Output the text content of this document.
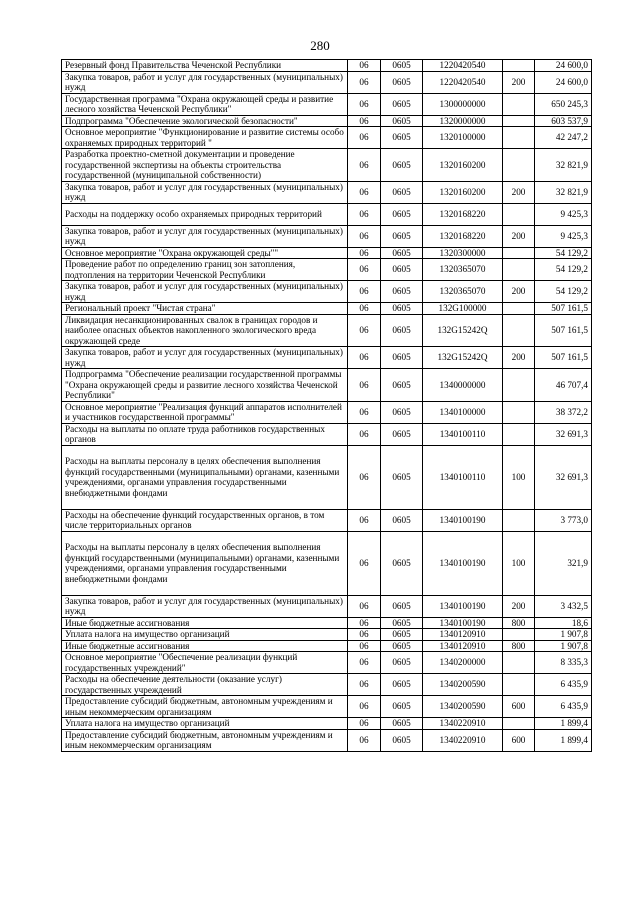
280
Резервный фонд Правительства Чеченской Республики	06	0605	1220420540		24 600,0
Закупка товаров, работ и услуг для государственных (муниципальных) нужд	06	0605	1220420540	200	24 600,0
Государственная программа "Охрана окружающей среды и развитие лесного хозяйства Чеченской Республики"	06	0605	1300000000		650 245,3
Подпрограмма "Обеспечение экологической безопасности"	06	0605	1320000000		603 537,9
Основное мероприятие "Функционирование и развитие системы особо охраняемых природных территорий "	06	0605	1320100000		42 247,2
Разработка проектно-сметной документации и проведение государственной экспертизы на объекты строительства государственной (муниципальной собственности)	06	0605	1320160200		32 821,9
Закупка товаров, работ и услуг для государственных (муниципальных) нужд	06	0605	1320160200	200	32 821,9
Расходы на поддержку особо охраняемых природных территорий	06	0605	1320168220		9 425,3
Закупка товаров, работ и услуг для государственных (муниципальных) нужд	06	0605	1320168220	200	9 425,3
Основное мероприятие "Охрана окружающей среды""	06	0605	1320300000		54 129,2
Проведение работ по определению границ зон затопления, подтопления на территории Чеченской Республики	06	0605	1320365070		54 129,2
Закупка товаров, работ и услуг для государственных (муниципальных) нужд	06	0605	1320365070	200	54 129,2
Региональный проект "Чистая страна"	06	0605	132G100000		507 161,5
Ликвидация несанкционированных свалок в границах городов и наиболее опасных объектов накопленного экологического вреда окружающей среде	06	0605	132G15242Q		507 161,5
Закупка товаров, работ и услуг для государственных (муниципальных) нужд	06	0605	132G15242Q	200	507 161,5
Подпрограмма "Обеспечение реализации государственной программы "Охрана окружающей среды и развитие лесного хозяйства Чеченской Республики"	06	0605	1340000000		46 707,4
Основное мероприятие "Реализация функций аппаратов исполнителей и участников государственной программы"	06	0605	1340100000		38 372,2
Расходы на выплаты по оплате труда работников государственных органов	06	0605	1340100110		32 691,3
Расходы на выплаты персоналу в целях обеспечения выполнения функций государственными (муниципальными) органами, казенными учреждениями, органами управления государственными внебюджетными фондами	06	0605	1340100110	100	32 691,3
Расходы на обеспечение функций государственных органов, в том числе территориальных органов	06	0605	1340100190		3 773,0
Расходы на выплаты персоналу в целях обеспечения выполнения функций государственными (муниципальными) органами, казенными учреждениями, органами управления государственными внебюджетными фондами	06	0605	1340100190	100	321,9
Закупка товаров, работ и услуг для государственных (муниципальных) нужд	06	0605	1340100190	200	3 432,5
Иные бюджетные ассигнования	06	0605	1340100190	800	18,6
Уплата налога на имущество организаций	06	0605	1340120910		1 907,8
Иные бюджетные ассигнования	06	0605	1340120910	800	1 907,8
Основное мероприятие "Обеспечение реализации функций государственных учреждений"	06	0605	1340200000		8 335,3
Расходы на обеспечение деятельности (оказание услуг) государственных учреждений	06	0605	1340200590		6 435,9
Предоставление субсидий бюджетным, автономным учреждениям и иным некоммерческим организациям	06	0605	1340200590	600	6 435,9
Уплата налога на имущество организаций	06	0605	1340220910		1 899,4
Предоставление субсидий бюджетным, автономным учреждениям и иным некоммерческим организациям	06	0605	1340220910	600	1 899,4
